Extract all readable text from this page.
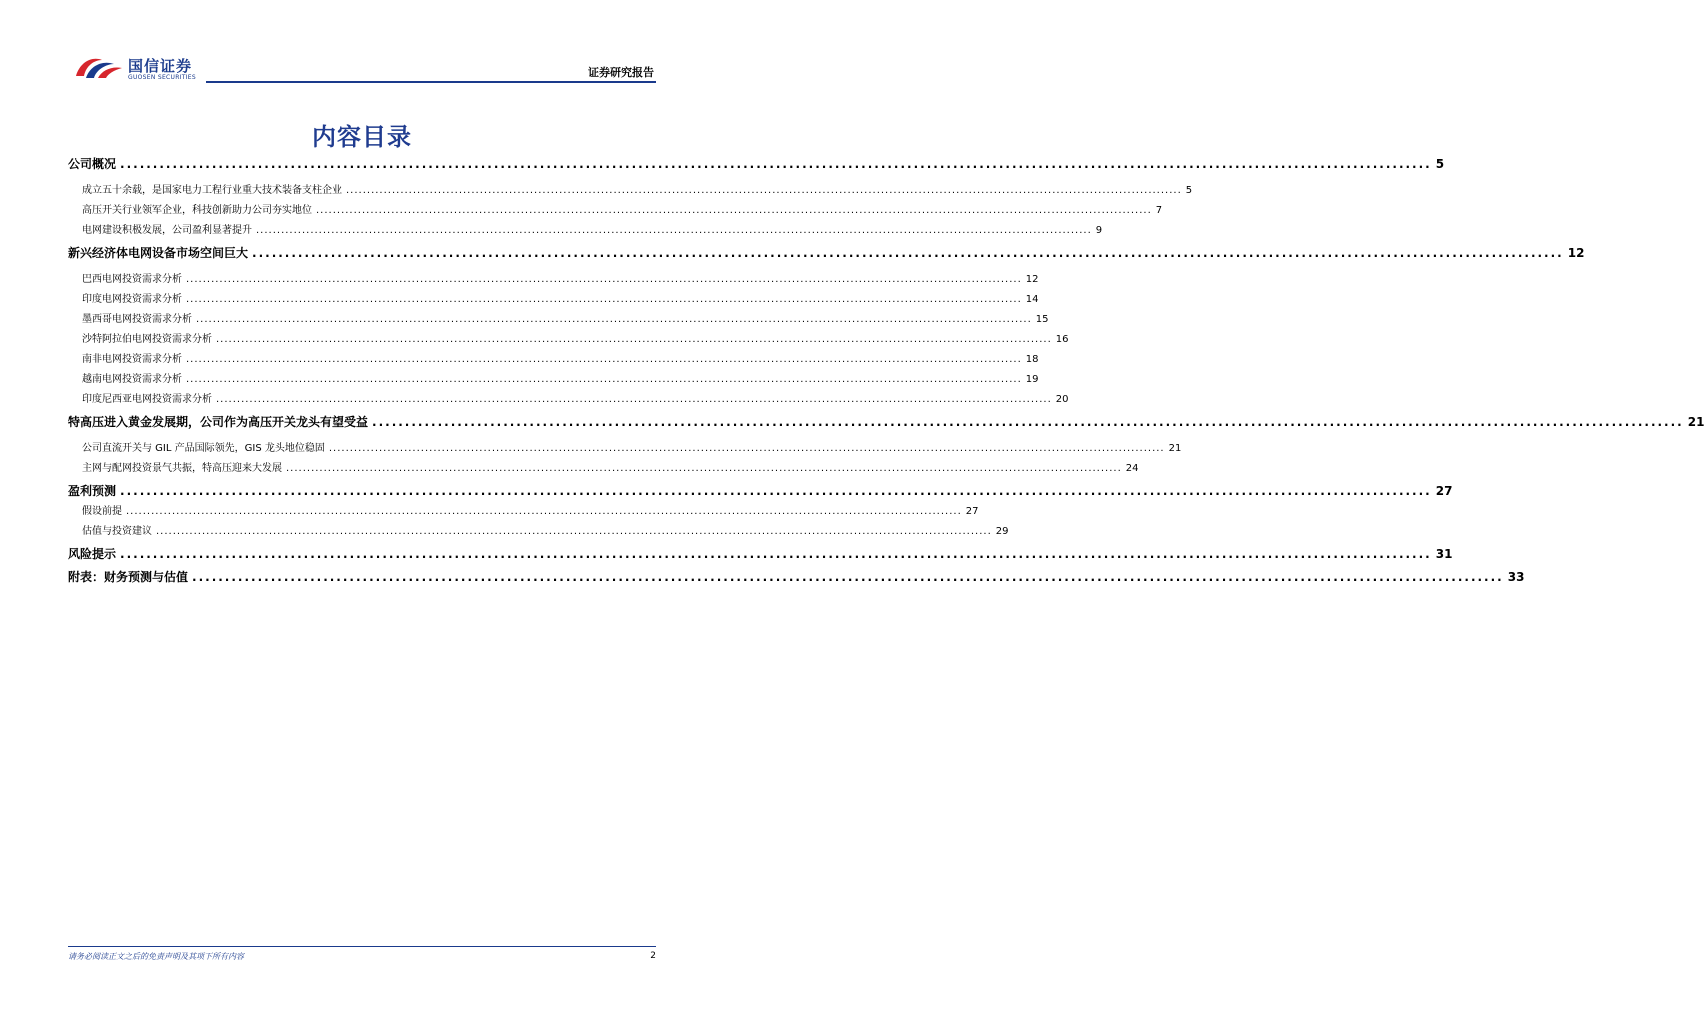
国信证券
GUOSEN SECURITIES	证券研究报告
内容目录
公司概况 ........................................................................................................................................................................................................ 5
成立五十余载，是国家电力工程行业重大技术装备支柱企业 ........................................................................................................................................................................................................ 5
高压开关行业领军企业，科技创新助力公司夯实地位 ........................................................................................................................................................................................................ 7
电网建设积极发展，公司盈利显著提升 ........................................................................................................................................................................................................ 9
新兴经济体电网设备市场空间巨大 ........................................................................................................................................................................................................ 12
巴西电网投资需求分析 ........................................................................................................................................................................................................ 12
印度电网投资需求分析 ........................................................................................................................................................................................................ 14
墨西哥电网投资需求分析 ........................................................................................................................................................................................................ 15
沙特阿拉伯电网投资需求分析 ........................................................................................................................................................................................................ 16
南非电网投资需求分析 ........................................................................................................................................................................................................ 18
越南电网投资需求分析 ........................................................................................................................................................................................................ 19
印度尼西亚电网投资需求分析 ........................................................................................................................................................................................................ 20
特高压进入黄金发展期，公司作为高压开关龙头有望受益 ........................................................................................................................................................................................................ 21
公司直流开关与 GIL 产品国际领先，GIS 龙头地位稳固 ........................................................................................................................................................................................................ 21
主网与配网投资景气共振，特高压迎来大发展 ........................................................................................................................................................................................................ 24
盈利预测 ........................................................................................................................................................................................................ 27
假设前提 ........................................................................................................................................................................................................ 27
估值与投资建议 ........................................................................................................................................................................................................ 29
风险提示 ........................................................................................................................................................................................................ 31
附表：财务预测与估值 ........................................................................................................................................................................................................ 33
请务必阅读正文之后的免责声明及其项下所有内容	2
